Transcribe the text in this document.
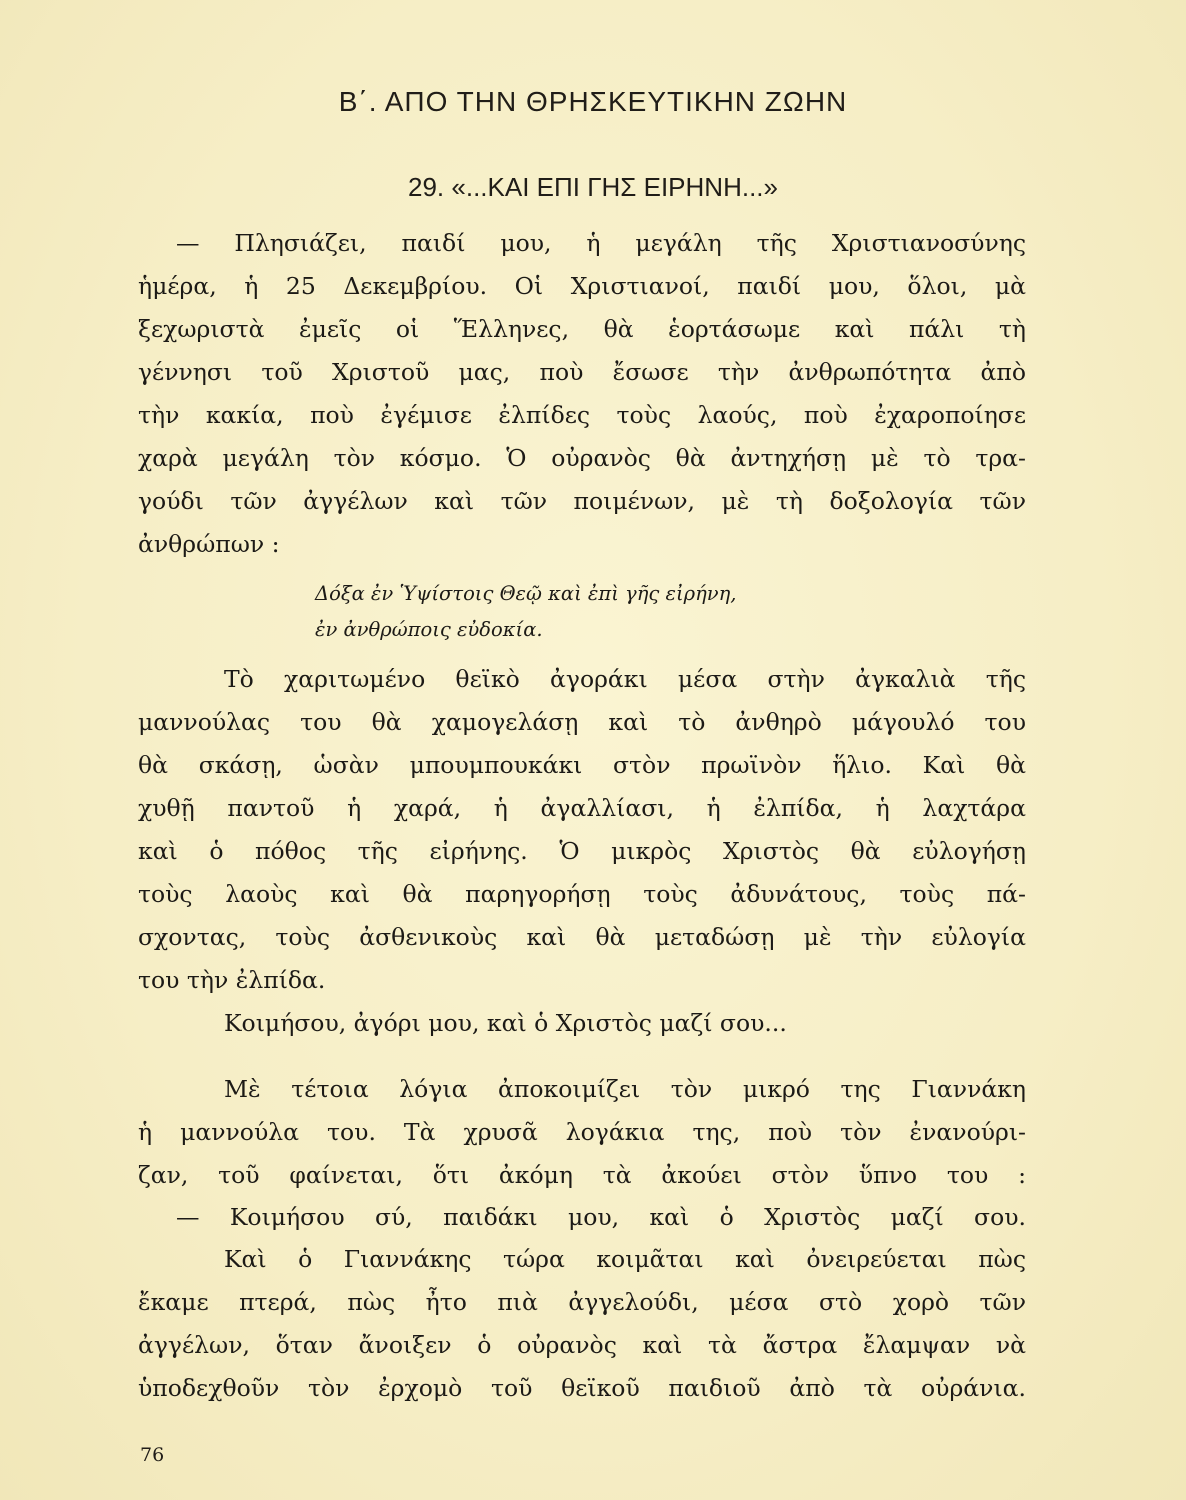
Β΄. ΑΠΟ ΤΗΝ ΘΡΗΣΚΕΥΤΙΚΗΝ ΖΩΗΝ
29. «...ΚΑΙ ΕΠΙ ΓΗΣ ΕΙΡΗΝΗ...»
— Πλησιάζει, παιδί μου, ἡ μεγάλη τῆς Χριστιανοσύνης
ἡμέρα, ἡ 25 Δεκεμβρίου. Οἱ Χριστιανοί, παιδί μου, ὅλοι, μὰ
ξεχωριστὰ ἐμεῖς οἱ Ἕλληνες, θὰ ἑορτάσωμε καὶ πάλι τὴ
γέννησι τοῦ Χριστοῦ μας, ποὺ ἔσωσε τὴν ἀνθρωπότητα ἀπὸ
τὴν κακία, ποὺ ἐγέμισε ἐλπίδες τοὺς λαούς, ποὺ ἐχαροποίησε
χαρὰ μεγάλη τὸν κόσμο. Ὁ οὐρανὸς θὰ ἀντηχήσῃ μὲ τὸ τρα-
γούδι τῶν ἀγγέλων καὶ τῶν ποιμένων, μὲ τὴ δοξολογία τῶν
ἀνθρώπων :
Δόξα ἐν Ὑψίστοις Θεῷ καὶ ἐπὶ γῆς εἰρήνη,
ἐν ἀνθρώποις εὐδοκία.
Τὸ χαριτωμένο θεϊκὸ ἀγοράκι μέσα στὴν ἀγκαλιὰ τῆς
μαννούλας του θὰ χαμογελάσῃ καὶ τὸ ἀνθηρὸ μάγουλό του
θὰ σκάσῃ, ὡσὰν μπουμπουκάκι στὸν πρωϊνὸν ἥλιο. Καὶ θὰ
χυθῇ παντοῦ ἡ χαρά, ἡ ἀγαλλίασι, ἡ ἐλπίδα, ἡ λαχτάρα
καὶ ὁ πόθος τῆς εἰρήνης. Ὁ μικρὸς Χριστὸς θὰ εὐλογήσῃ
τοὺς λαοὺς καὶ θὰ παρηγορήσῃ τοὺς ἀδυνάτους, τοὺς πά-
σχοντας, τοὺς ἀσθενικοὺς καὶ θὰ μεταδώσῃ μὲ τὴν εὐλογία
του τὴν ἐλπίδα.
Κοιμήσου, ἀγόρι μου, καὶ ὁ Χριστὸς μαζί σου...
Μὲ τέτοια λόγια ἀποκοιμίζει τὸν μικρό της Γιαννάκη
ἡ μαννούλα του. Τὰ χρυσᾶ λογάκια της, ποὺ τὸν ἐνανούρι-
ζαν, τοῦ φαίνεται, ὅτι ἀκόμη τὰ ἀκούει στὸν ὕπνο του :
— Κοιμήσου σύ, παιδάκι μου, καὶ ὁ Χριστὸς μαζί σου.
Καὶ ὁ Γιαννάκης τώρα κοιμᾶται καὶ ὀνειρεύεται πὼς
ἔκαμε πτερά, πὼς ἦτο πιὰ ἀγγελούδι, μέσα στὸ χορὸ τῶν
ἀγγέλων, ὅταν ἄνοιξεν ὁ οὐρανὸς καὶ τὰ ἄστρα ἔλαμψαν νὰ
ὑποδεχθοῦν τὸν ἐρχομὸ τοῦ θεϊκοῦ παιδιοῦ ἀπὸ τὰ οὐράνια.
76
